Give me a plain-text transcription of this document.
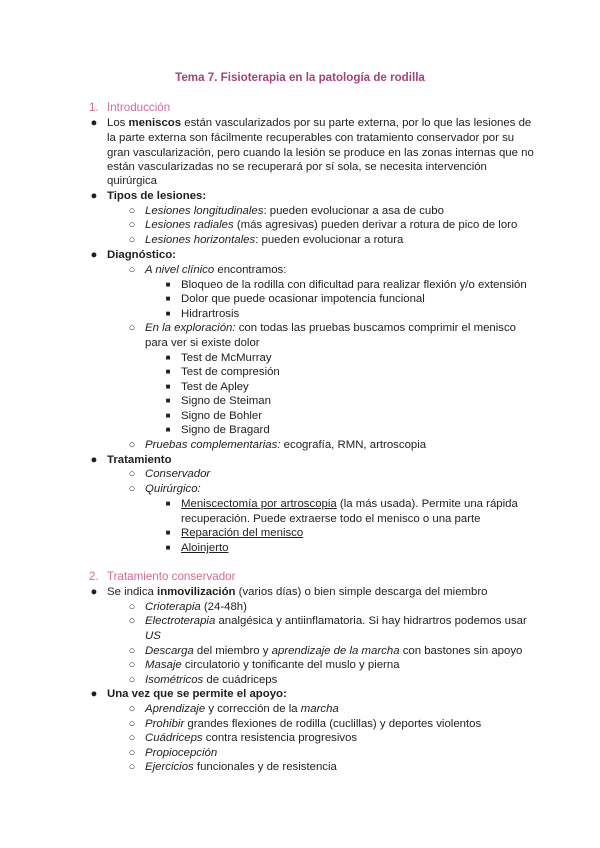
Tema 7. Fisioterapia en la patología de rodilla
1. Introducción
● Los meniscos están vascularizados por su parte externa, por lo que las lesiones de
la parte externa son fácilmente recuperables con tratamiento conservador por su
gran vascularización, pero cuando la lesión se produce en las zonas internas que no
están vascularizadas no se recuperará por sí sola, se necesita intervención
quirúrgica
● Tipos de lesiones:
○ Lesiones longitudinales: pueden evolucionar a asa de cubo
○ Lesiones radiales (más agresivas) pueden derivar a rotura de pico de loro
○ Lesiones horizontales: pueden evolucionar a rotura
● Diagnóstico:
○ A nivel clínico encontramos:
■ Bloqueo de la rodilla con dificultad para realizar flexión y/o extensión
■ Dolor que puede ocasionar impotencia funcional
■ Hidrartrosis
○ En la exploración: con todas las pruebas buscamos comprimir el menisco
para ver si existe dolor
■ Test de McMurray
■ Test de compresión
■ Test de Apley
■ Signo de Steiman
■ Signo de Bohler
■ Signo de Bragard
○ Pruebas complementarias: ecografía, RMN, artroscopia
● Tratamiento
○ Conservador
○ Quirúrgico:
■ Meniscectomía por artroscopia (la más usada). Permite una rápida
recuperación. Puede extraerse todo el menisco o una parte
■ Reparación del menisco
■ Aloinjerto
2. Tratamiento conservador
● Se indica inmovilización (varios días) o bien simple descarga del miembro
○ Crioterapia (24-48h)
○ Electroterapia analgésica y antiinflamatoria. Si hay hidrartros podemos usar
US
○ Descarga del miembro y aprendizaje de la marcha con bastones sin apoyo
○ Masaje circulatorio y tonificante del muslo y pierna
○ Isométricos de cuádriceps
● Una vez que se permite el apoyo:
○ Aprendizaje y corrección de la marcha
○ Prohibir grandes flexiones de rodilla (cuclillas) y deportes violentos
○ Cuádriceps contra resistencia progresivos
○ Propiocepción
○ Ejercicios funcionales y de resistencia
